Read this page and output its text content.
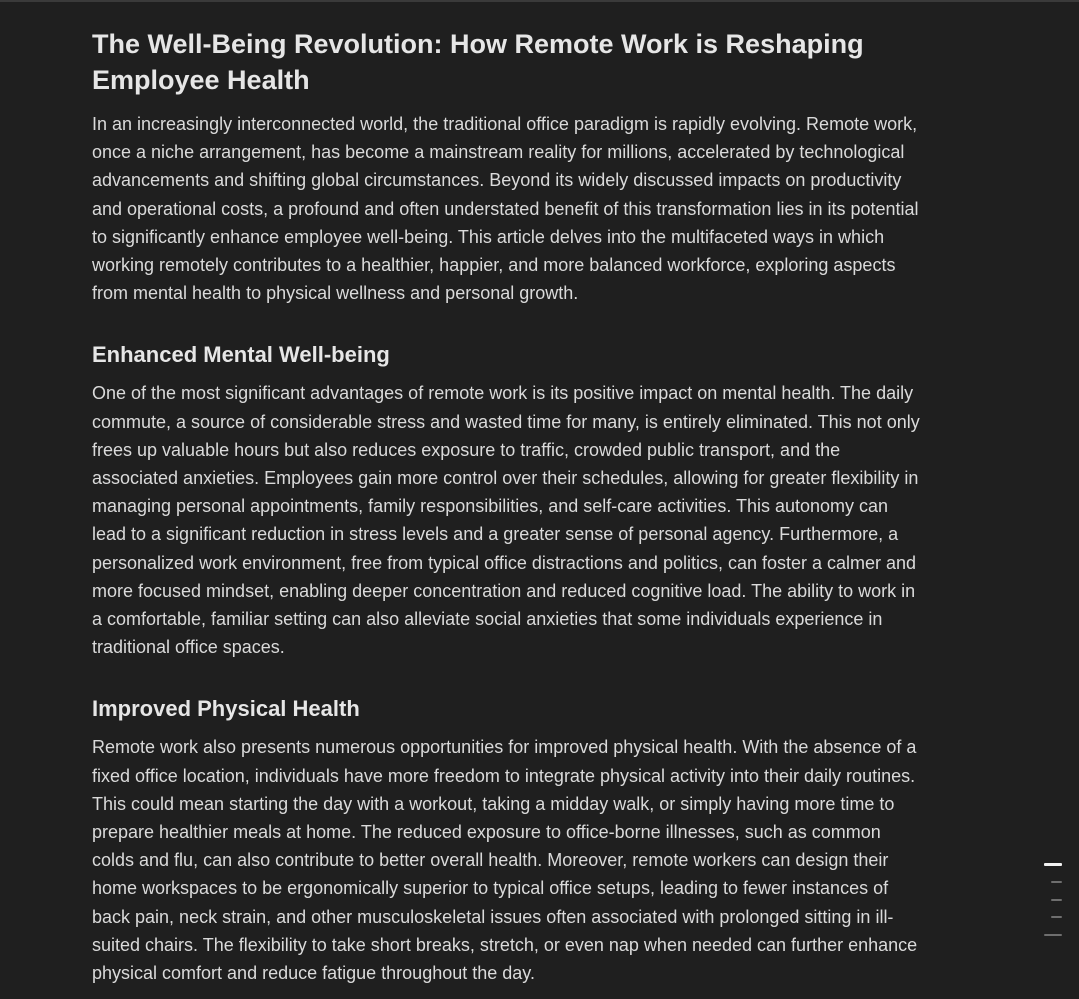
The Well-Being Revolution: How Remote Work is Reshaping Employee Health

In an increasingly interconnected world, the traditional office paradigm is rapidly evolving. Remote work, once a niche arrangement, has become a mainstream reality for millions, accelerated by technological advancements and shifting global circumstances. Beyond its widely discussed impacts on productivity and operational costs, a profound and often understated benefit of this transformation lies in its potential to significantly enhance employee well-being. This article delves into the multifaceted ways in which working remotely contributes to a healthier, happier, and more balanced workforce, exploring aspects from mental health to physical wellness and personal growth.

Enhanced Mental Well-being

One of the most significant advantages of remote work is its positive impact on mental health. The daily commute, a source of considerable stress and wasted time for many, is entirely eliminated. This not only frees up valuable hours but also reduces exposure to traffic, crowded public transport, and the associated anxieties. Employees gain more control over their schedules, allowing for greater flexibility in managing personal appointments, family responsibilities, and self-care activities. This autonomy can lead to a significant reduction in stress levels and a greater sense of personal agency. Furthermore, a personalized work environment, free from typical office distractions and politics, can foster a calmer and more focused mindset, enabling deeper concentration and reduced cognitive load. The ability to work in a comfortable, familiar setting can also alleviate social anxieties that some individuals experience in traditional office spaces.

Improved Physical Health

Remote work also presents numerous opportunities for improved physical health. With the absence of a fixed office location, individuals have more freedom to integrate physical activity into their daily routines. This could mean starting the day with a workout, taking a midday walk, or simply having more time to prepare healthier meals at home. The reduced exposure to office-borne illnesses, such as common colds and flu, can also contribute to better overall health. Moreover, remote workers can design their home workspaces to be ergonomically superior to typical office setups, leading to fewer instances of back pain, neck strain, and other musculoskeletal issues often associated with prolonged sitting in ill-suited chairs. The flexibility to take short breaks, stretch, or even nap when needed can further enhance physical comfort and reduce fatigue throughout the day.
